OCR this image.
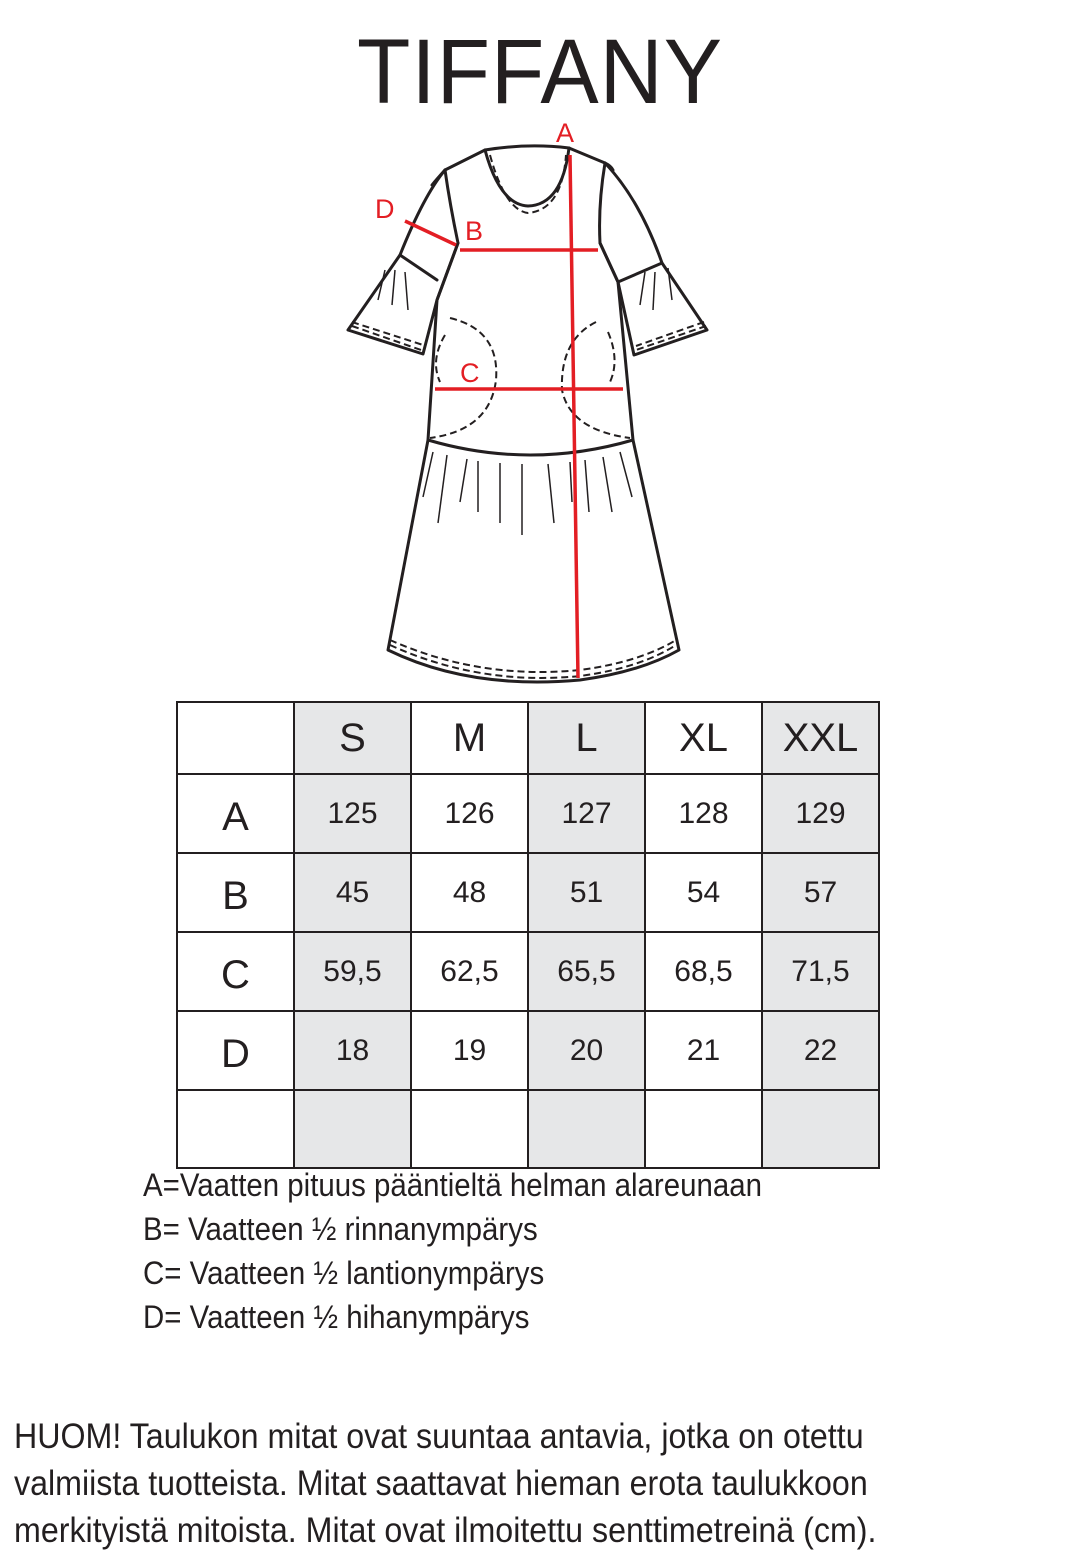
TIFFANY
A
B
C
D
	S	M	L	XL	XXL
A	125	126	127	128	129
B	45	48	51	54	57
C	59,5	62,5	65,5	68,5	71,5
D	18	19	20	21	22

A=Vaatten pituus pääntieltä helman alareunaan
B= Vaatteen ½ rinnanympärys
C= Vaatteen ½ lantionympärys
D= Vaatteen ½ hihanympärys
HUOM! Taulukon mitat ovat suuntaa antavia, jotka on otettu
valmiista tuotteista. Mitat saattavat hieman erota taulukkoon
merkityistä mitoista. Mitat ovat ilmoitettu senttimetreinä (cm).
